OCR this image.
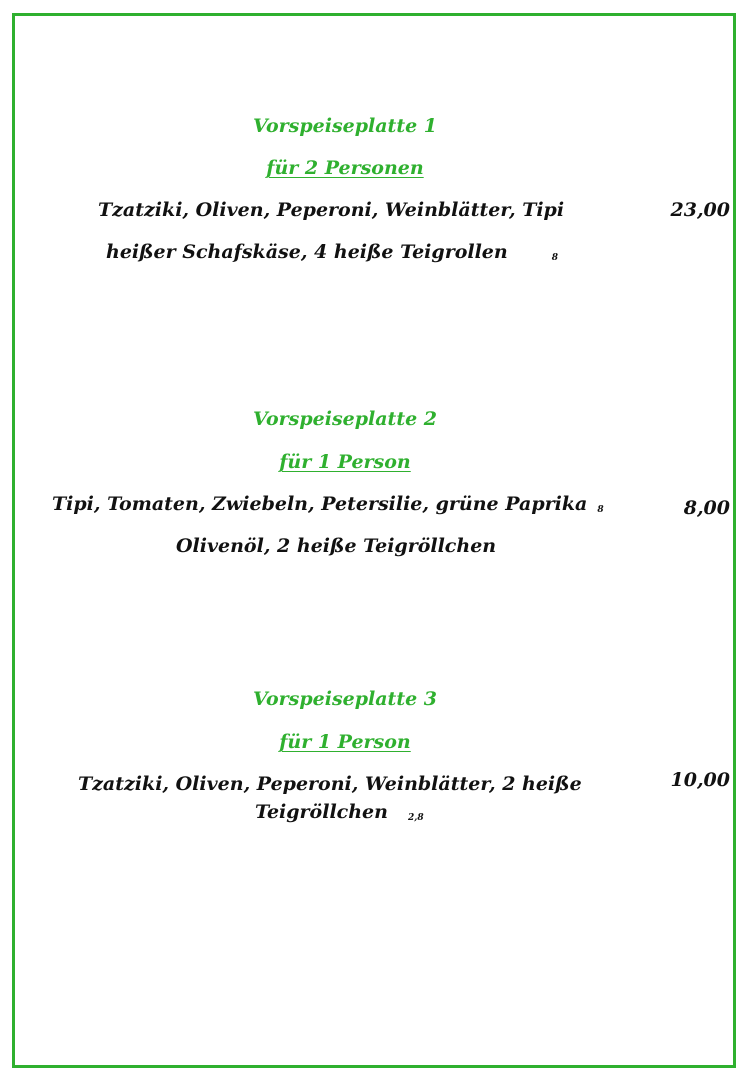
Vorspeiseplatte 1
für 2 Personen
Tzatziki, Oliven, Peperoni, Weinblätter, Tipi
heißer Schafskäse, 4 heiße Teigrollen	8
23,00
Vorspeiseplatte 2
für 1 Person
Tipi, Tomaten, Zwiebeln, Petersilie, grüne Paprika 8
Olivenöl, 2 heiße Teigröllchen
8,00
Vorspeiseplatte 3
für 1 Person
Tzatziki, Oliven, Peperoni, Weinblätter, 2 heiße
Teigröllchen 2,8
10,00
